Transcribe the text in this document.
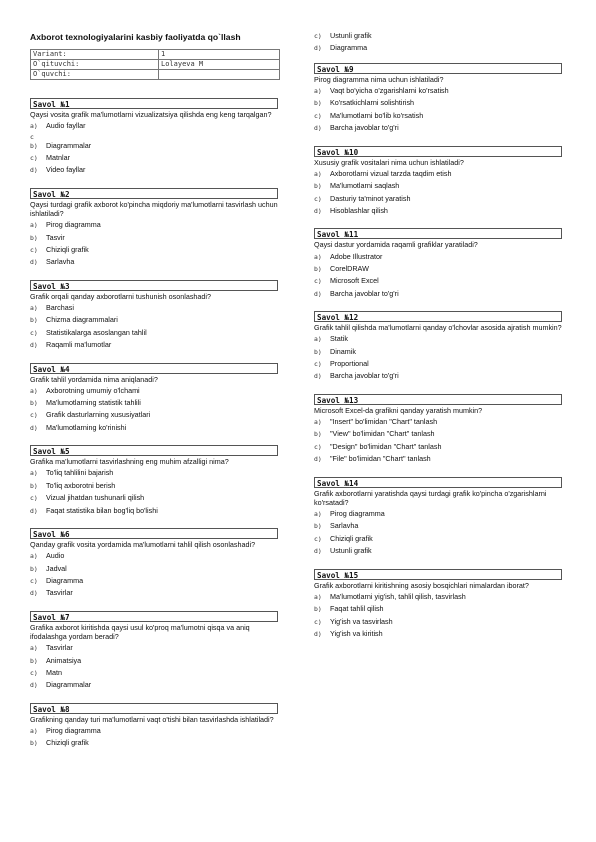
Axborot texnologiyalarini kasbiy faoliyatda qo`llash
Variant:	1
O`qituvchi:	Lolayeva M
O`quvchi:	
Savol №1
Qaysi vosita grafik ma'lumotlarni vizualizatsiya qilishda eng keng tarqalgan?
a) Audio fayllar
c
b) Diagrammalar
c) Matnlar
d) Video fayllar
Savol №2
Qaysi turdagi grafik axborot ko'pincha miqdoriy ma'lumotlarni tasvirlash uchun ishlatiladi?
a) Pirog diagramma
b) Tasvir
c) Chiziqli grafik
d) Sarlavha
Savol №3
Grafik orqali qanday axborotlarni tushunish osonlashadi?
a) Barchasi
b) Chizma diagrammalari
c) Statistikalarga asoslangan tahlil
d) Raqamli ma'lumotlar
Savol №4
Grafik tahlil yordamida nima aniqlanadi?
a) Axborotning umumiy o'lchami
b) Ma'lumotlarning statistik tahlili
c) Grafik dasturlarning xususiyatlari
d) Ma'lumotlarning ko'rinishi
Savol №5
Grafika ma'lumotlarni tasvirlashning eng muhim afzalligi nima?
a) To'liq tahlilini bajarish
b) To'liq axborotni berish
c) Vizual jihatdan tushunarli qilish
d) Faqat statistika bilan bog'liq bo'lishi
Savol №6
Qanday grafik vosita yordamida ma'lumotlarni tahlil qilish osonlashadi?
a) Audio
b) Jadval
c) Diagramma
d) Tasvirlar
Savol №7
Grafika axborot kiritishda qaysi usul ko'proq ma'lumotni qisqa va aniq ifodalashga yordam beradi?
a) Tasvirlar
b) Animatsiya
c) Matn
d) Diagrammalar
Savol №8
Grafikning qanday turi ma'lumotlarni vaqt o'tishi bilan tasvirlashda ishlatiladi?
a) Pirog diagramma
b) Chiziqli grafik
c) Ustunli grafik
d) Diagramma
Savol №9
Pirog diagramma nima uchun ishlatiladi?
a) Vaqt bo'yicha o'zgarishlarni ko'rsatish
b) Ko'rsatkichlarni solishtirish
c) Ma'lumotlarni bo'lib ko'rsatish
d) Barcha javoblar to'g'ri
Savol №10
Xususiy grafik vositalari nima uchun ishlatiladi?
a) Axborotlarni vizual tarzda taqdim etish
b) Ma'lumotlarni saqlash
c) Dasturiy ta'minot yaratish
d) Hisoblashlar qilish
Savol №11
Qaysi dastur yordamida raqamli grafiklar yaratiladi?
a) Adobe Illustrator
b) CorelDRAW
c) Microsoft Excel
d) Barcha javoblar to'g'ri
Savol №12
Grafik tahlil qilishda ma'lumotlarni qanday o'lchovlar asosida ajratish mumkin?
a) Statik
b) Dinamik
c) Proportional
d) Barcha javoblar to'g'ri
Savol №13
Microsoft Excel-da grafikni qanday yaratish mumkin?
a) "Insert" bo'limidan "Chart" tanlash
b) "View" bo'limidan "Chart" tanlash
c) "Design" bo'limidan "Chart" tanlash
d) "File" bo'limidan "Chart" tanlash
Savol №14
Grafik axborotlarni yaratishda qaysi turdagi grafik ko'pincha o'zgarishlarni ko'rsatadi?
a) Pirog diagramma
b) Sarlavha
c) Chiziqli grafik
d) Ustunli grafik
Savol №15
Grafik axborotlarni kiritishning asosiy bosqichlari nimalardan iborat?
a) Ma'lumotlarni yig'ish, tahlil qilish, tasvirlash
b) Faqat tahlil qilish
c) Yig'ish va tasvirlash
d) Yig'ish va kiritish
